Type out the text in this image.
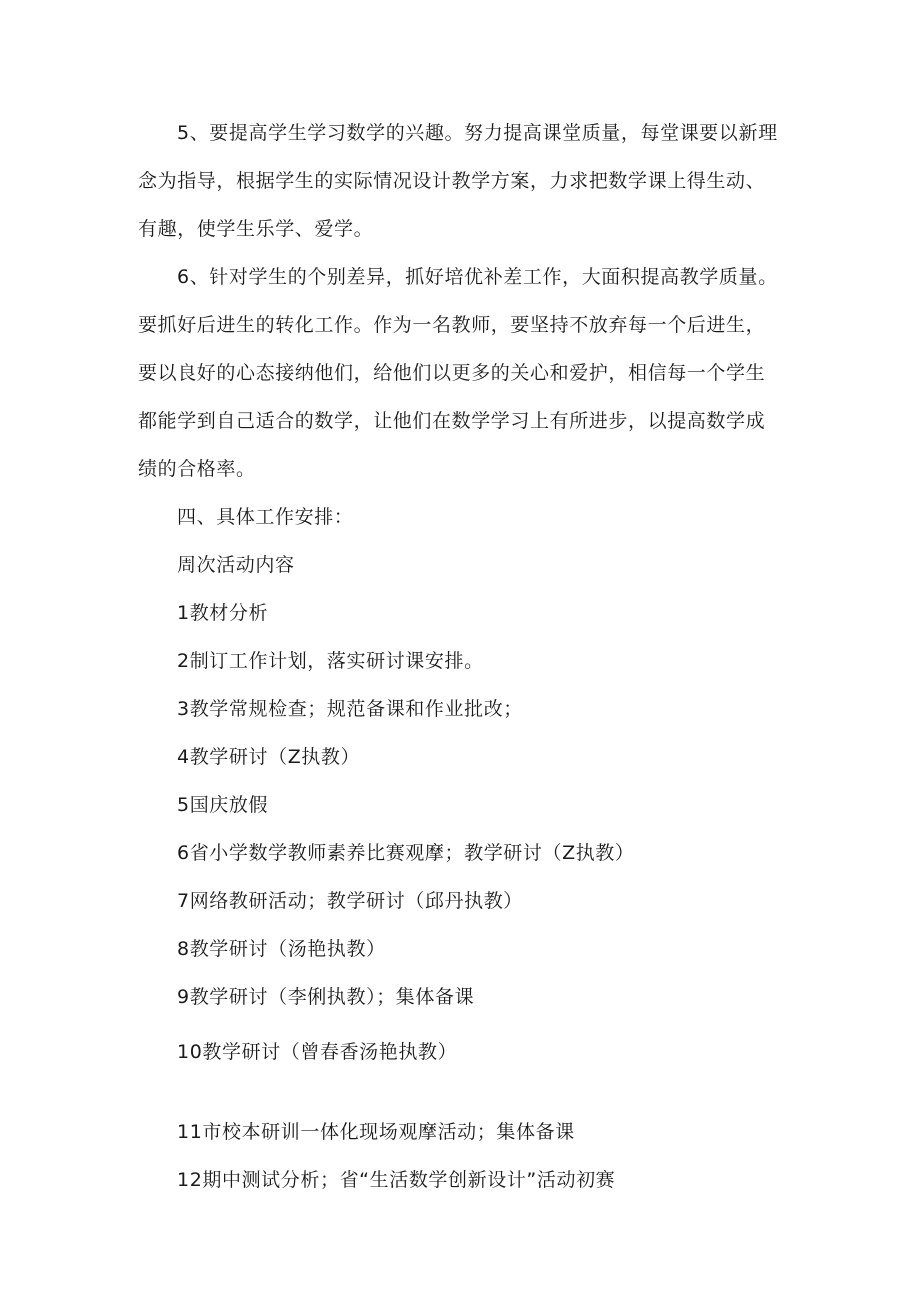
5、要提高学生学习数学的兴趣。努力提高课堂质量，每堂课要以新理
念为指导，根据学生的实际情况设计教学方案，力求把数学课上得生动、
有趣，使学生乐学、爱学。
6、针对学生的个别差异，抓好培优补差工作，大面积提高教学质量。
要抓好后进生的转化工作。作为一名教师，要坚持不放弃每一个后进生，
要以良好的心态接纳他们，给他们以更多的关心和爱护，相信每一个学生
都能学到自己适合的数学，让他们在数学学习上有所进步，以提高数学成
绩的合格率。
四、具体工作安排：
周次活动内容
1教材分析
2制订工作计划，落实研讨课安排。
3教学常规检查；规范备课和作业批改；
4教学研讨（Z执教）
5国庆放假
6省小学数学教师素养比赛观摩；教学研讨（Z执教）
7网络教研活动；教学研讨（邱丹执教）
8教学研讨（汤艳执教）
9教学研讨（李俐执教）；集体备课
10教学研讨（曾春香汤艳执教）
11市校本研训一体化现场观摩活动；集体备课
12期中测试分析；省“生活数学创新设计”活动初赛
